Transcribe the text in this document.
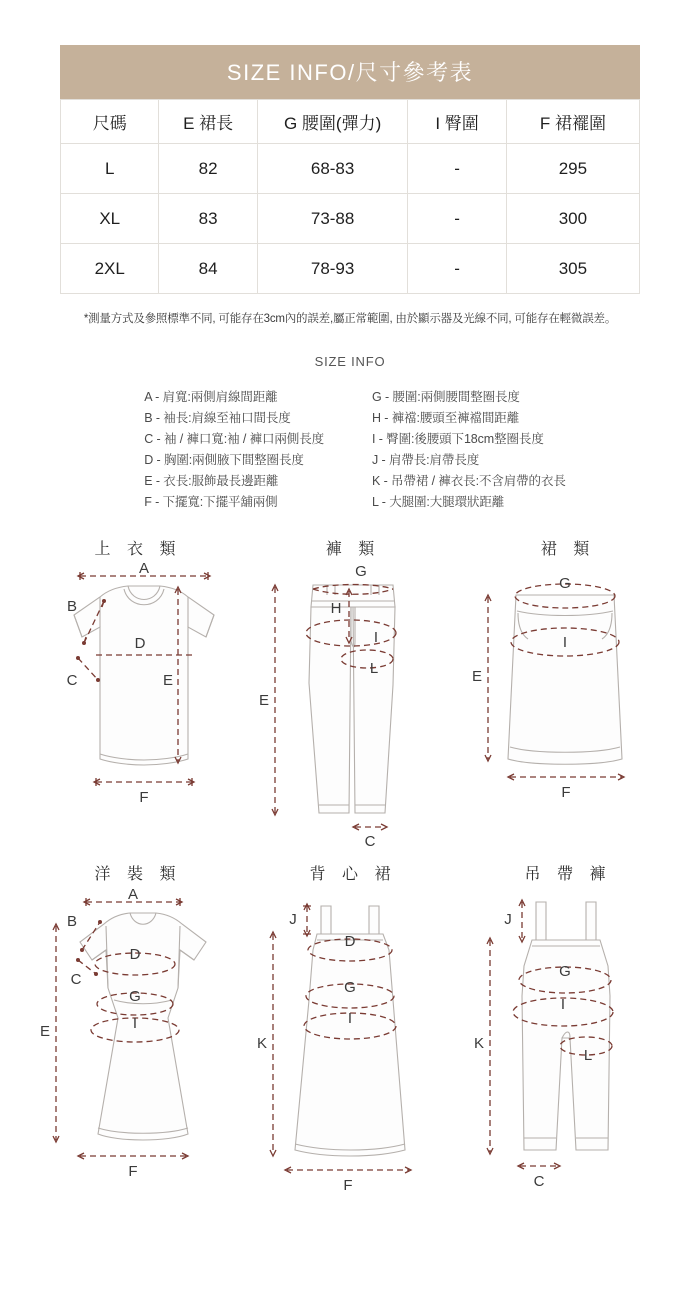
SIZE INFO/尺寸參考表
尺碼	E 裙長	G 腰圍(彈力)	I 臀圍	F 裙襬圍
L	82	68-83	-	295
XL	83	73-88	-	300
2XL	84	78-93	-	305
*測量方式及參照標準不同, 可能存在3cm內的誤差,屬正常範圍, 由於顯示器及光線不同, 可能存在輕微誤差。
SIZE INFO
A - 肩寬:兩側肩線間距離
B - 袖長:肩線至袖口間長度
C - 袖 / 褲口寬:袖 / 褲口兩側長度
D - 胸圍:兩側腋下間整圈長度
E - 衣長:服飾最長邊距離
F - 下擺寬:下擺平舖兩側
G - 腰圍:兩側腰間整圈長度
H - 褲襠:腰頭至褲襠間距離
I - 臀圍:後腰頭下18cm整圈長度
J - 肩帶長:肩帶長度
K - 吊帶裙 / 褲衣長:不含肩帶的衣長
L - 大腿圍:大腿環狀距離
上 衣 類
A
B
C
D
E
F
褲 類
G
H
I
L
E
C
裙 類
G
I
E
F
洋 裝 類
A
B
C
D
G
I
E
F
背 心 裙
J
D
G
I
K
F
吊 帶 褲
J
G
I
L
K
C
